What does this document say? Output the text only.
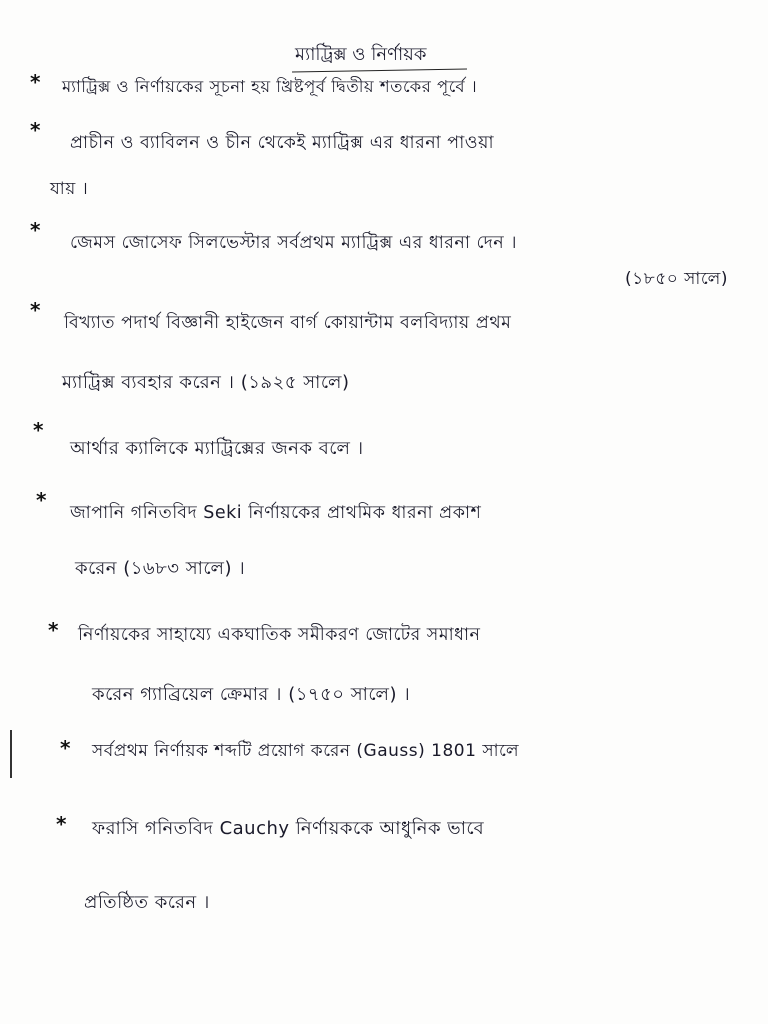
ম্যাট্রিক্স ও নির্ণায়ক
* ম্যাট্রিক্স ও নির্ণায়কের সূচনা হয় খ্রিষ্টপূর্ব দ্বিতীয় শতকের পূর্বে ।
*
প্রাচীন ও ব্যাবিলন ও চীন থেকেই ম্যাট্রিক্স এর ধারনা পাওয়া
যায় ।
*
জেমস জোসেফ সিলভেস্টার সর্বপ্রথম ম্যাট্রিক্স এর ধারনা দেন ।
(১৮৫০ সালে)
*
বিখ্যাত পদার্থ বিজ্ঞানী হাইজেন বার্গ কোয়ান্টাম বলবিদ্যায় প্রথম
ম্যাট্রিক্স ব্যবহার করেন । (১৯২৫ সালে)
*
আর্থার ক্যালিকে ম্যাট্রিক্সের জনক বলে ।
*
জাপানি গনিতবিদ Seki নির্ণায়কের প্রাথমিক ধারনা প্রকাশ
করেন (১৬৮৩ সালে) ।
* নির্ণায়কের সাহায্যে একঘাতিক সমীকরণ জোটের সমাধান
করেন গ্যাব্রিয়েল ক্রেমার । (১৭৫০ সালে) ।
* সর্বপ্রথম নির্ণায়ক শব্দটি প্রয়োগ করেন (Gauss) 1801 সালে
* ফরাসি গনিতবিদ Cauchy নির্ণায়ককে আধুনিক ভাবে
প্রতিষ্ঠিত করেন ।
